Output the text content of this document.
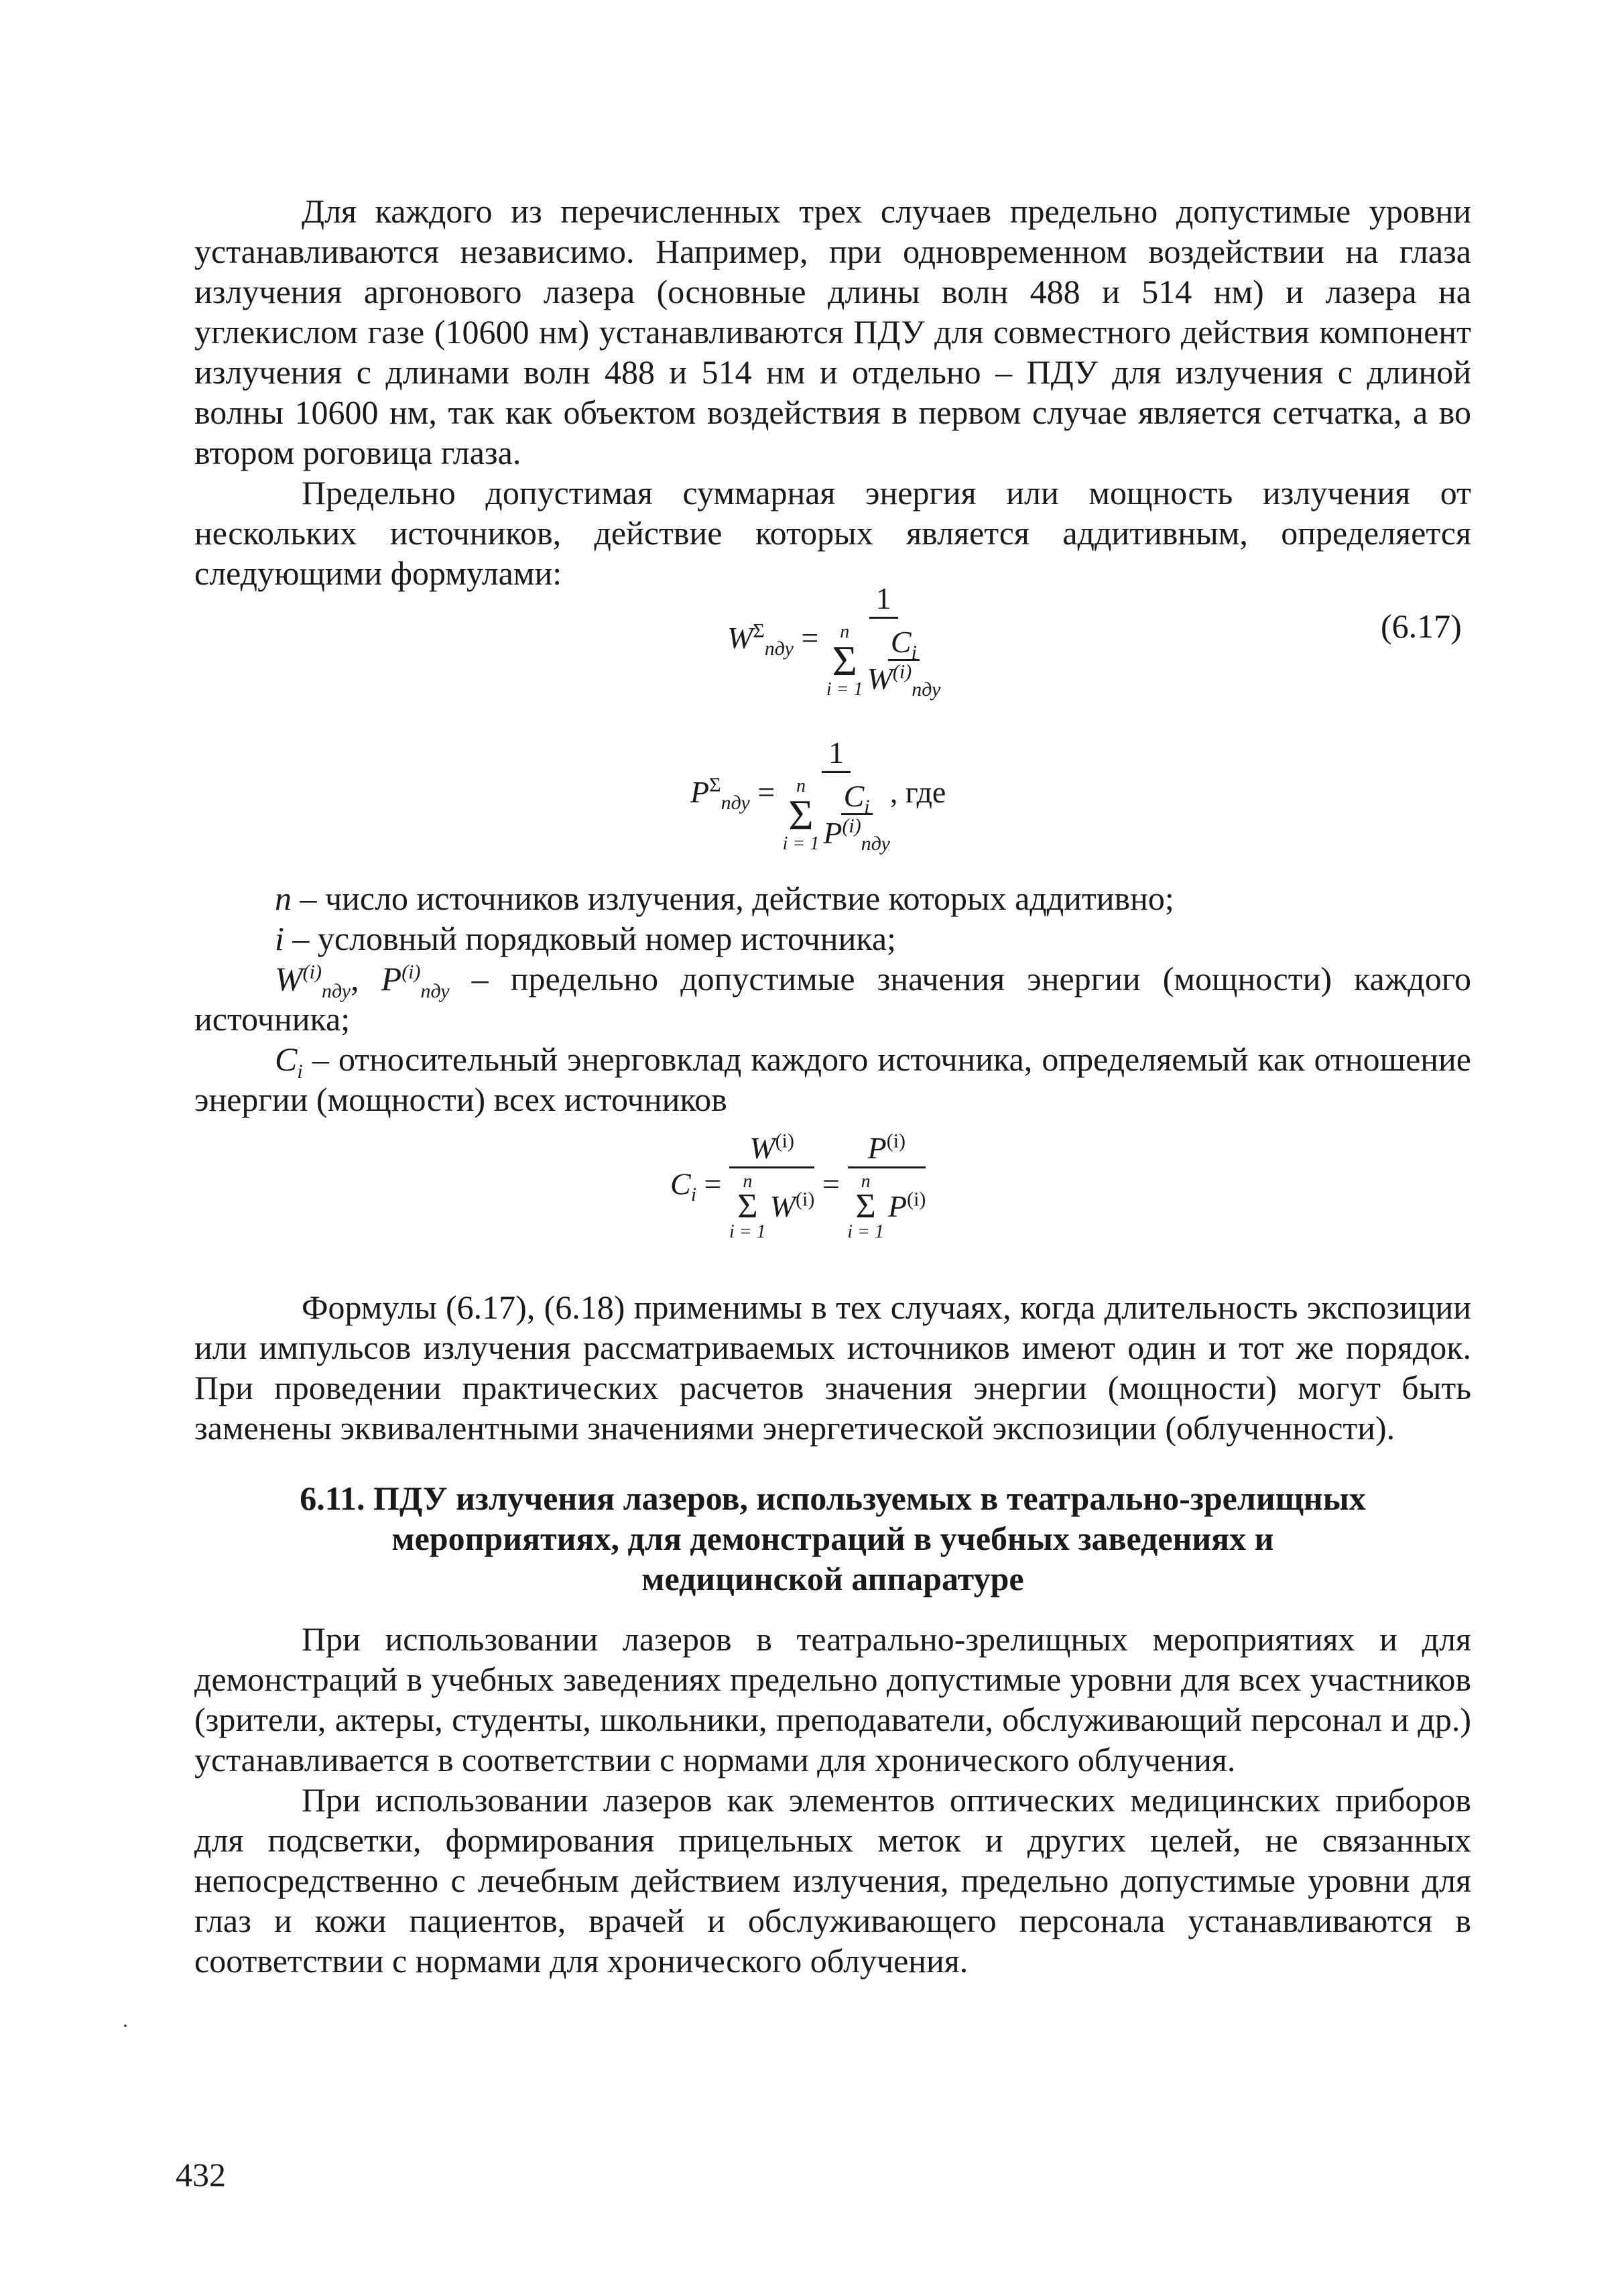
Для каждого из перечисленных трех случаев предельно допустимые уровни устанавливаются независимо. Например, при одновременном воздействии на глаза излучения аргонового лазера (основные длины волн 488 и 514 нм) и лазера на углекислом газе (10600 нм) устанавливаются ПДУ для совместного действия компонент излучения с длинами волн 488 и 514 нм и отдельно – ПДУ для излучения с длиной волны 10600 нм, так как объектом воздействия в первом случае является сетчатка, а во втором роговица глаза.

Предельно допустимая суммарная энергия или мощность излучения от нескольких источников, действие которых является аддитивным, определяется следующими формулами:

$W^\Sigma_{пду}$ =
1
n
Σ
i = 1
$C_i$
$W^{(i)}_{пду}$
(6.17)
$P^\Sigma_{пду}$ =
1
n
Σ
i = 1
$C_i$
$P^{(i)}_{пду}$
, где

n – число источников излучения, действие которых аддитивно;

i – условный порядковый номер источника;

$W^{(i)}_{пду}$, $P^{(i)}_{пду}$ – предельно допустимые значения энергии (мощности) каждого источника;

$C_i$ – относительный энерговклад каждого источника, определяемый как отношение энергии (мощности) всех источников

$C_i = W^{(i)}$
n
Σ
i = 1
$W^{(i)} = P^{(i)}$
n
Σ
i = 1
$P^{(i)}$

Формулы (6.17), (6.18) применимы в тех случаях, когда длительность экспозиции или импульсов излучения рассматриваемых источников имеют один и тот же порядок. При проведении практических расчетов значения энергии (мощности) могут быть заменены эквивалентными значениями энергетической экспозиции (облученности).

6.11. ПДУ излучения лазеров, используемых в театрально-зрелищных
мероприятиях, для демонстраций в учебных заведениях и
медицинской аппаратуре

При использовании лазеров в театрально-зрелищных мероприятиях и для демонстраций в учебных заведениях предельно допустимые уровни для всех участников (зрители, актеры, студенты, школьники, преподаватели, обслуживающий персонал и др.) устанавливается в соответствии с нормами для хронического облучения.

При использовании лазеров как элементов оптических медицинских приборов для подсветки, формирования прицельных меток и других целей, не связанных непосредственно с лечебным действием излучения, предельно допустимые уровни для глаз и кожи пациентов, врачей и обслуживающего персонала устанавливаются в соответствии с нормами для хронического облучения.

432
